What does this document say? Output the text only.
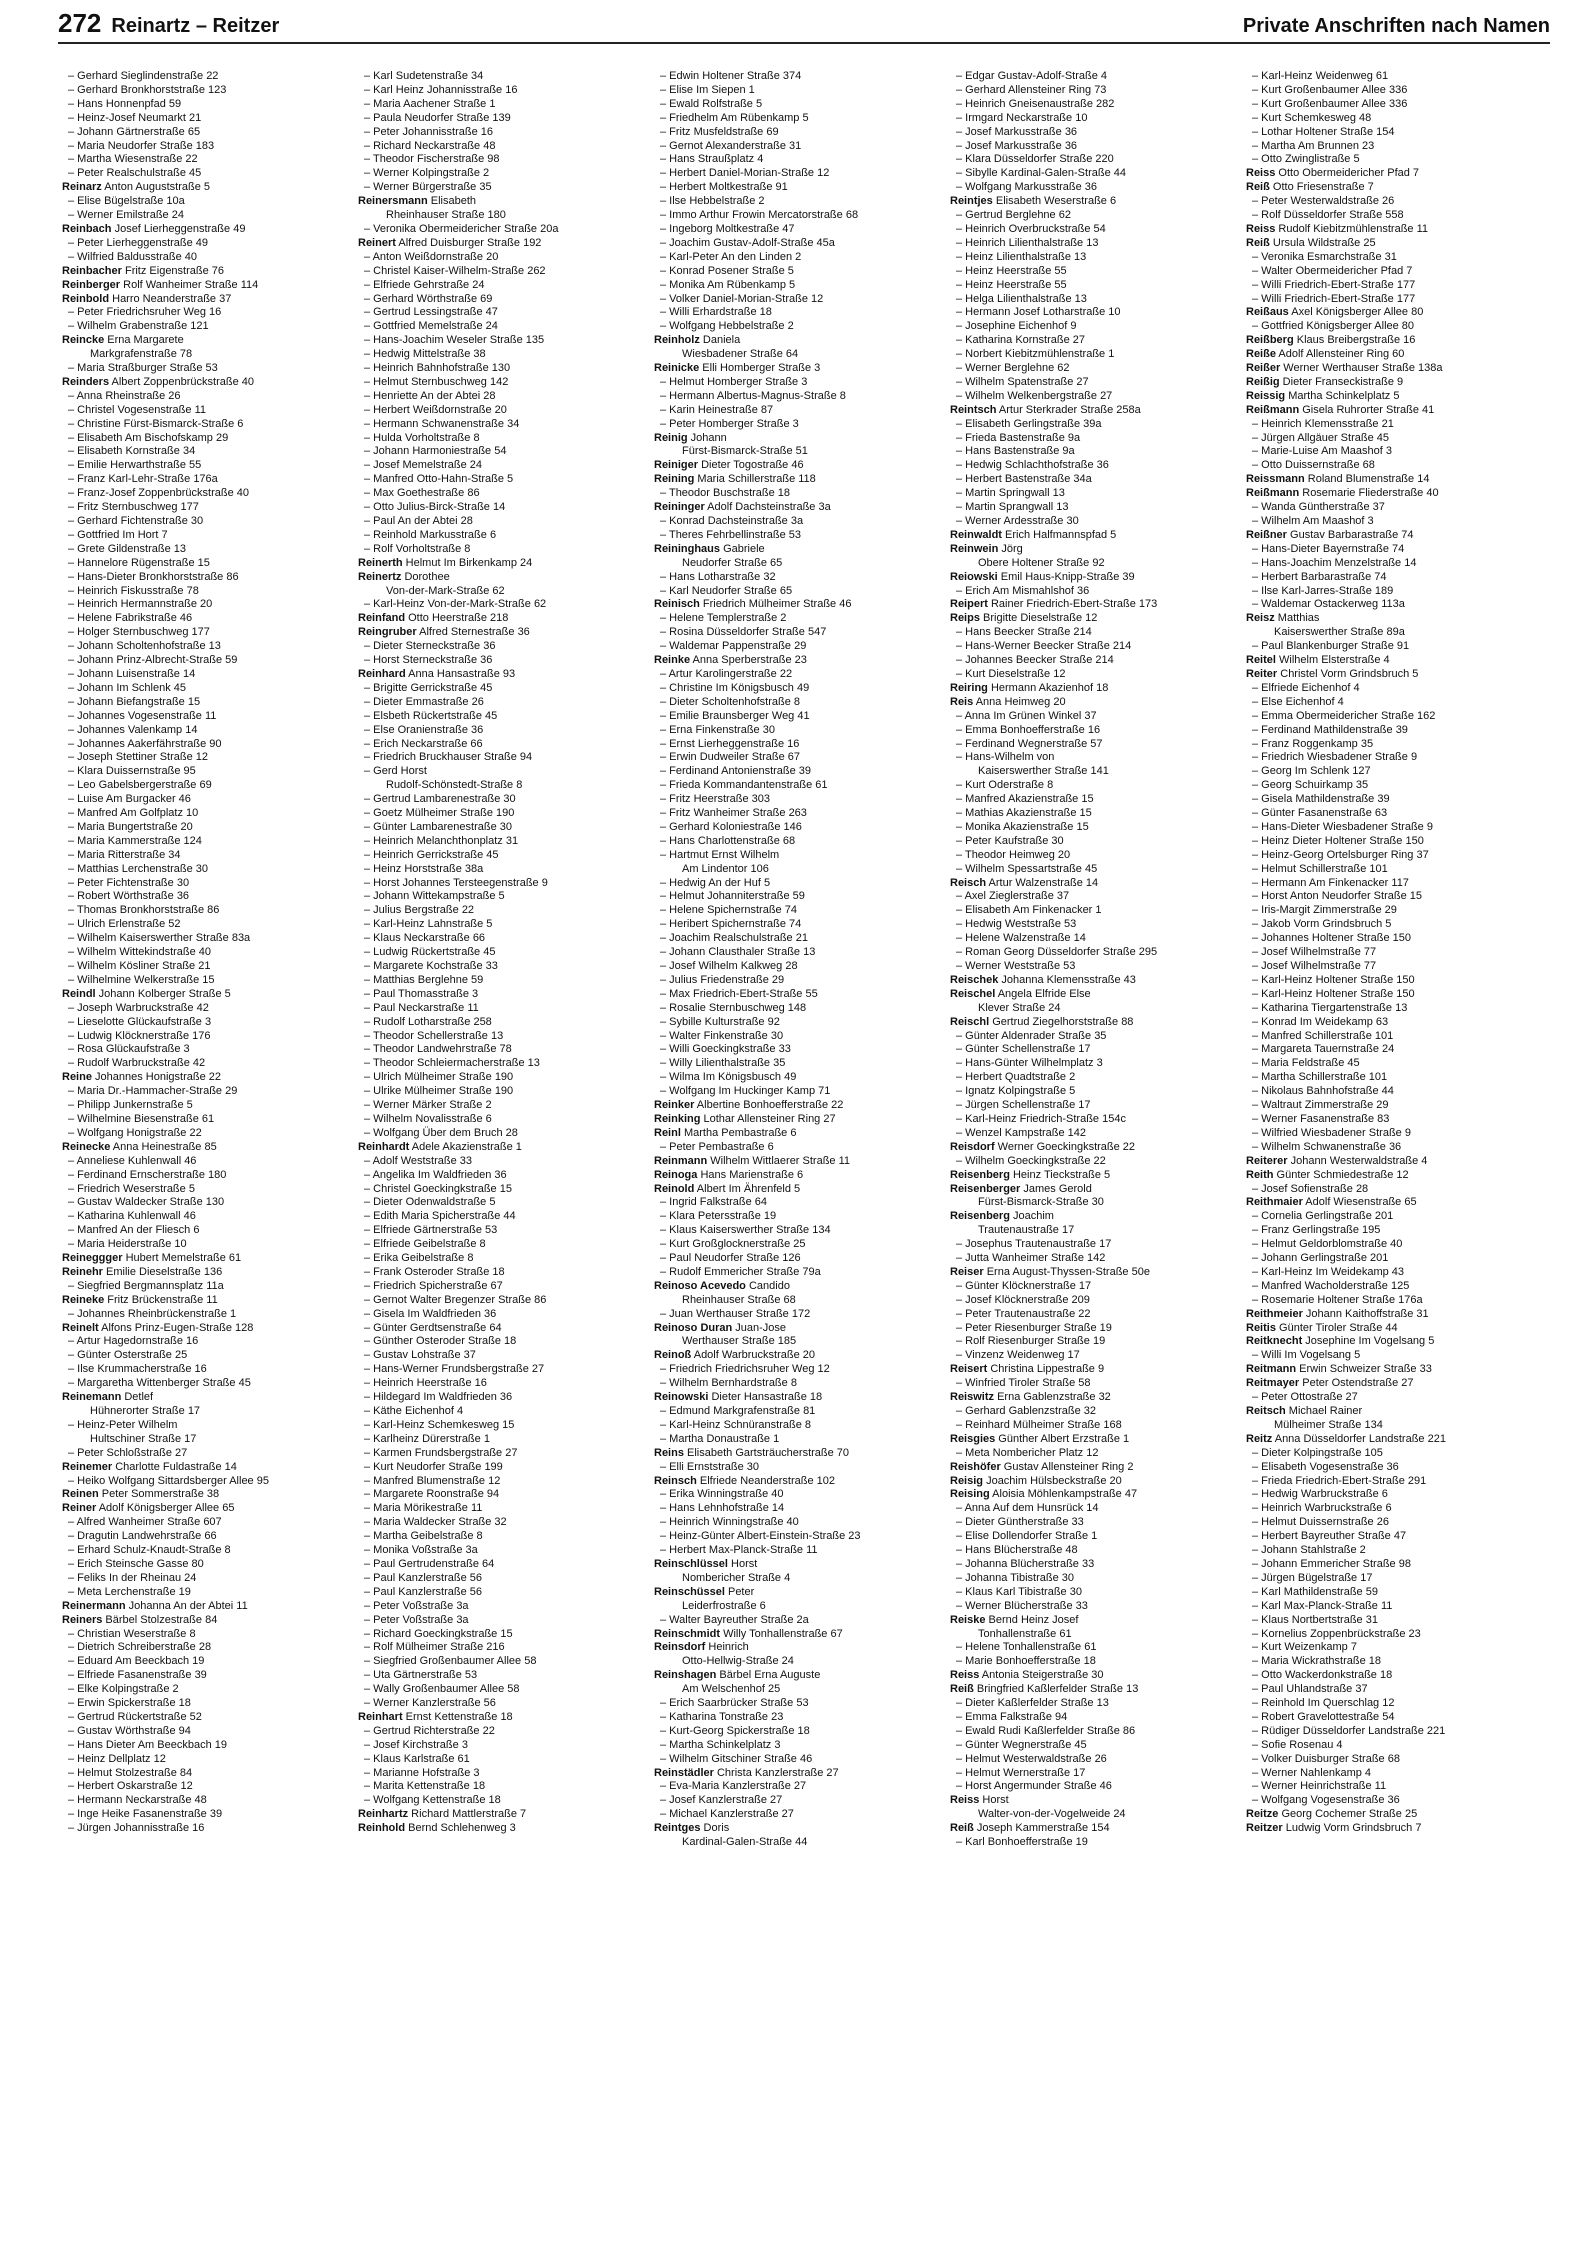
272 Reinartz – Reitzer	Private Anschriften nach Namen
– Gerhard Sieglindenstraße 22
– Gerhard Bronkhorststraße 123
– Hans Honnenpfad 59
– Heinz-Josef Neumarkt 21
– Johann Gärtnerstraße 65
– Maria Neudorfer Straße 183
– Martha Wiesenstraße 22
– Peter Realschulstraße 45
Reinarz Anton Auguststraße 5
– Elise Bügelstraße 10a
– Werner Emilstraße 24
Reinbach Josef Lierheggenstraße 49
– Peter Lierheggenstraße 49
– Wilfried Baldusstraße 40
Reinbacher Fritz Eigenstraße 76
Reinberger Rolf Wanheimer Straße 114
Reinbold Harro Neanderstraße 37
– Peter Friedrichsruher Weg 16
– Wilhelm Grabenstraße 121
Reincke Erna Margarete
Markgrafenstraße 78
– Maria Straßburger Straße 53
Reinders Albert Zoppenbrückstraße 40
– Anna Rheinstraße 26
– Christel Vogesenstraße 11
– Christine Fürst-Bismarck-Straße 6
– Elisabeth Am Bischofskamp 29
– Elisabeth Kornstraße 34
– Emilie Herwarthstraße 55
– Franz Karl-Lehr-Straße 176a
– Franz-Josef Zoppenbrückstraße 40
– Fritz Sternbuschweg 177
– Gerhard Fichtenstraße 30
– Gottfried Im Hort 7
– Grete Gildenstraße 13
– Hannelore Rügenstraße 15
– Hans-Dieter Bronkhorststraße 86
– Heinrich Fiskusstraße 78
– Heinrich Hermannstraße 20
– Helene Fabrikstraße 46
– Holger Sternbuschweg 177
– Johann Scholtenhofstraße 13
– Johann Prinz-Albrecht-Straße 59
– Johann Luisenstraße 14
– Johann Im Schlenk 45
– Johann Biefangstraße 15
– Johannes Vogesenstraße 11
– Johannes Valenkamp 14
– Johannes Aakerfährstraße 90
– Joseph Stettiner Straße 12
– Klara Duissernstraße 95
– Leo Gabelsbergerstraße 69
– Luise Am Burgacker 46
– Manfred Am Golfplatz 10
– Maria Bungertstraße 20
– Maria Kammerstraße 124
– Maria Ritterstraße 34
– Matthias Lerchenstraße 30
– Peter Fichtenstraße 30
– Robert Wörthstraße 36
– Thomas Bronkhorststraße 86
– Ulrich Erlenstraße 52
– Wilhelm Kaiserswerther Straße 83a
– Wilhelm Wittekindstraße 40
– Wilhelm Kösliner Straße 21
– Wilhelmine Welkerstraße 15
Reindl Johann Kolberger Straße 5
– Joseph Warbruckstraße 42
– Lieselotte Glückaufstraße 3
– Ludwig Klöcknerstraße 176
– Rosa Glückaufstraße 3
– Rudolf Warbruckstraße 42
Reine Johannes Honigstraße 22
– Maria Dr.-Hammacher-Straße 29
– Philipp Junkernstraße 5
– Wilhelmine Biesenstraße 61
– Wolfgang Honigstraße 22
Reinecke Anna Heinestraße 85
– Anneliese Kuhlenwall 46
– Ferdinand Ernscherstraße 180
– Friedrich Weserstraße 5
– Gustav Waldecker Straße 130
– Katharina Kuhlenwall 46
– Manfred An der Fliesch 6
– Maria Heiderstraße 10
Reineggger Hubert Memelstraße 61
Reinehr Emilie Dieselstraße 136
– Siegfried Bergmannsplatz 11a
Reineke Fritz Brückenstraße 11
– Johannes Rheinbrückenstraße 1
Reinelt Alfons Prinz-Eugen-Straße 128
– Artur Hagedornstraße 16
– Günter Osterstraße 25
– Ilse Krummacherstraße 16
– Margaretha Wittenberger Straße 45
Reinemann Detlef
Hühnerorter Straße 17
– Heinz-Peter Wilhelm
Hultschiner Straße 17
– Peter Schloßstraße 27
Reinemer Charlotte Fuldastraße 14
– Heiko Wolfgang Sittardsberger Allee 95
Reinen Peter Sommerstraße 38
Reiner Adolf Königsberger Allee 65
– Alfred Wanheimer Straße 607
– Dragutin Landwehrstraße 66
– Erhard Schulz-Knaudt-Straße 8
– Erich Steinsche Gasse 80
– Feliks In der Rheinau 24
– Meta Lerchenstraße 19
Reinermann Johanna An der Abtei 11
Reiners Bärbel Stolzestraße 84
– Christian Weserstraße 8
– Dietrich Schreiberstraße 28
– Eduard Am Beeckbach 19
– Elfriede Fasanenstraße 39
– Elke Kolpingstraße 2
– Erwin Spickerstraße 18
– Gertrud Rückertstraße 52
– Gustav Wörthstraße 94
– Hans Dieter Am Beeckbach 19
– Heinz Dellplatz 12
– Helmut Stolzestraße 84
– Herbert Oskarstraße 12
– Hermann Neckarstraße 48
– Inge Heike Fasanenstraße 39
– Jürgen Johannisstraße 16
– Karl Sudetenstraße 34
– Karl Heinz Johannisstraße 16
– Maria Aachener Straße 1
– Paula Neudorfer Straße 139
– Peter Johannisstraße 16
– Richard Neckarstraße 48
– Theodor Fischerstraße 98
– Werner Kolpingstraße 2
– Werner Bürgerstraße 35
Reinersmann Elisabeth
Rheinhauser Straße 180
– Veronika Obermeidericher Straße 20a
Reinert Alfred Duisburger Straße 192
– Anton Weißdornstraße 20
– Christel Kaiser-Wilhelm-Straße 262
– Elfriede Gehrstraße 24
– Gerhard Wörthstraße 69
– Gertrud Lessingstraße 47
– Gottfried Memelstraße 24
– Hans-Joachim Weseler Straße 135
– Hedwig Mittelstraße 38
– Heinrich Bahnhofstraße 130
– Helmut Sternbuschweg 142
– Henriette An der Abtei 28
– Herbert Weißdornstraße 20
– Hermann Schwanenstraße 34
– Hulda Vorholtstraße 8
– Johann Harmoniestraße 54
– Josef Memelstraße 24
– Manfred Otto-Hahn-Straße 5
– Max Goethestraße 86
– Otto Julius-Birck-Straße 14
– Paul An der Abtei 28
– Reinhold Markusstraße 6
– Rolf Vorholtstraße 8
Reinerth Helmut Im Birkenkamp 24
Reinertz Dorothee
Von-der-Mark-Straße 62
– Karl-Heinz Von-der-Mark-Straße 62
Reinfand Otto Heerstraße 218
Reingruber Alfred Sternestraße 36
– Dieter Sterneckstraße 36
– Horst Sterneckstraße 36
Reinhard Anna Hansastraße 93
– Brigitte Gerrickstraße 45
– Dieter Emmastraße 26
– Elsbeth Rückertstraße 45
– Else Oranienstraße 36
– Erich Neckarstraße 66
– Friedrich Bruckhauser Straße 94
– Gerd Horst
Rudolf-Schönstedt-Straße 8
– Gertrud Lambarenestraße 30
– Goetz Mülheimer Straße 190
– Günter Lambarenestraße 30
– Heinrich Melanchthonplatz 31
– Heinrich Gerrickstraße 45
– Heinz Horststraße 38a
– Horst Johannes Tersteegenstraße 9
– Johann Wittekampstraße 5
– Julius Bergstraße 22
– Karl-Heinz Lahnstraße 5
– Klaus Neckarstraße 66
– Ludwig Rückertstraße 45
– Margarete Kochstraße 33
– Matthias Berglehne 59
– Paul Thomasstraße 3
– Paul Neckarstraße 11
– Rudolf Lotharstraße 258
– Theodor Schellerstraße 13
– Theodor Landwehrstraße 78
– Theodor Schleiermacherstraße 13
– Ulrich Mülheimer Straße 190
– Ulrike Mülheimer Straße 190
– Werner Märker Straße 2
– Wilhelm Novalisstraße 6
– Wolfgang Über dem Bruch 28
Reinhardt Adele Akazienstraße 1
– Adolf Weststraße 33
– Angelika Im Waldfrieden 36
– Christel Goeckingkstraße 15
– Dieter Odenwaldstraße 5
– Edith Maria Spicherstraße 44
– Elfriede Gärtnerstraße 53
– Elfriede Geibelstraße 8
– Erika Geibelstraße 8
– Frank Osteroder Straße 18
– Friedrich Spicherstraße 67
– Gernot Walter Bregenzer Straße 86
– Gisela Im Waldfrieden 36
– Günter Gerdtsenstraße 64
– Günther Osteroder Straße 18
– Gustav Lohstraße 37
– Hans-Werner Frundsbergstraße 27
– Heinrich Heerstraße 16
– Hildegard Im Waldfrieden 36
– Käthe Eichenhof 4
– Karl-Heinz Schemkesweg 15
– Karlheinz Dürerstraße 1
– Karmen Frundsbergstraße 27
– Kurt Neudorfer Straße 199
– Manfred Blumenstraße 12
– Margarete Roonstraße 94
– Maria Mörikestraße 11
– Maria Waldecker Straße 32
– Martha Geibelstraße 8
– Monika Voßstraße 3a
– Paul Gertrudenstraße 64
– Paul Kanzlerstraße 56
– Paul Kanzlerstraße 56
– Peter Voßstraße 3a
– Peter Voßstraße 3a
– Richard Goeckingkstraße 15
– Rolf Mülheimer Straße 216
– Siegfried Großenbaumer Allee 58
– Uta Gärtnerstraße 53
– Wally Großenbaumer Allee 58
– Werner Kanzlerstraße 56
Reinhart Ernst Kettenstraße 18
– Gertrud Richterstraße 22
– Josef Kirchstraße 3
– Klaus Karlstraße 61
– Marianne Hofstraße 3
– Marita Kettenstraße 18
– Wolfgang Kettenstraße 18
Reinhartz Richard Mattlerstraße 7
Reinhold Bernd Schlehenweg 3
– Edwin Holtener Straße 374
– Elise Im Siepen 1
– Ewald Rolfstraße 5
– Friedhelm Am Rübenkamp 5
– Fritz Musfeldstraße 69
– Gernot Alexanderstraße 31
– Hans Straußplatz 4
– Herbert Daniel-Morian-Straße 12
– Herbert Moltkestraße 91
– Ilse Hebbelstraße 2
– Immo Arthur Frowin Mercatorstraße 68
– Ingeborg Moltkestraße 47
– Joachim Gustav-Adolf-Straße 45a
– Karl-Peter An den Linden 2
– Konrad Posener Straße 5
– Monika Am Rübenkamp 5
– Volker Daniel-Morian-Straße 12
– Willi Erhardstraße 18
– Wolfgang Hebbelstraße 2
Reinholz Daniela
Wiesbadener Straße 64
Reinicke Elli Homberger Straße 3
– Helmut Homberger Straße 3
– Hermann Albertus-Magnus-Straße 8
– Karin Heinestraße 87
– Peter Homberger Straße 3
Reinig Johann
Fürst-Bismarck-Straße 51
Reiniger Dieter Togostraße 46
Reining Maria Schillerstraße 118
– Theodor Buschstraße 18
Reininger Adolf Dachsteinstraße 3a
– Konrad Dachsteinstraße 3a
– Theres Fehrbellinstraße 53
Reininghaus Gabriele
Neudorfer Straße 65
– Hans Lotharstraße 32
– Karl Neudorfer Straße 65
Reinisch Friedrich Mülheimer Straße 46
– Helene Templerstraße 2
– Rosina Düsseldorfer Straße 547
– Waldemar Pappenstraße 29
Reinke Anna Sperberstraße 23
– Artur Karolingerstraße 22
– Christine Im Königsbusch 49
– Dieter Scholtenhofstraße 8
– Emilie Braunsberger Weg 41
– Erna Finkenstraße 30
– Ernst Lierheggenstraße 16
– Erwin Dudweiler Straße 67
– Ferdinand Antonienstraße 39
– Frieda Kommandantenstraße 61
– Fritz Heerstraße 303
– Fritz Wanheimer Straße 263
– Gerhard Koloniestraße 146
– Hans Charlottenstraße 68
– Hartmut Ernst Wilhelm
Am Lindentor 106
– Hedwig An der Huf 5
– Helmut Johanniterstraße 59
– Helene Spichernstraße 74
– Heribert Spichernstraße 74
– Joachim Realschulstraße 21
– Johann Clausthaler Straße 13
– Josef Wilhelm Kalkweg 28
– Julius Friedenstraße 29
– Max Friedrich-Ebert-Straße 55
– Rosalie Sternbuschweg 148
– Sybille Kulturstraße 92
– Walter Finkenstraße 30
– Willi Goeckingkstraße 33
– Willy Lilienthalstraße 35
– Wilma Im Königsbusch 49
– Wolfgang Im Huckinger Kamp 71
Reinker Albertine Bonhoefferstraße 22
Reinking Lothar Allensteiner Ring 27
Reinl Martha Pembastraße 6
– Peter Pembastraße 6
Reinmann Wilhelm Wittlaerer Straße 11
Reinoga Hans Marienstraße 6
Reinold Albert Im Ährenfeld 5
– Ingrid Falkstraße 64
– Klara Petersstraße 19
– Klaus Kaiserswerther Straße 134
– Kurt Großglocknerstraße 25
– Paul Neudorfer Straße 126
– Rudolf Emmericher Straße 79a
Reinoso Acevedo Candido
Rheinhauser Straße 68
– Juan Werthauser Straße 172
Reinoso Duran Juan-Jose
Werthauser Straße 185
Reinoß Adolf Warbruckstraße 20
– Friedrich Friedrichsruher Weg 12
– Wilhelm Bernhardstraße 8
Reinowski Dieter Hansastraße 18
– Edmund Markgrafenstraße 81
– Karl-Heinz Schnüranstraße 8
– Martha Donaustraße 1
Reins Elisabeth Gartsträucherstraße 70
– Elli Ernststraße 30
Reinsch Elfriede Neanderstraße 102
– Erika Winningstraße 40
– Hans Lehnhofstraße 14
– Heinrich Winningstraße 40
– Heinz-Günter Albert-Einstein-Straße 23
– Herbert Max-Planck-Straße 11
Reinschlüssel Horst
Nombericher Straße 4
Reinschüssel Peter
Leiderfrostraße 6
– Walter Bayreuther Straße 2a
Reinschmidt Willy Tonhallenstraße 67
Reinsdorf Heinrich
Otto-Hellwig-Straße 24
Reinshagen Bärbel Erna Auguste
Am Welschenhof 25
– Erich Saarbrücker Straße 53
– Katharina Tonstraße 23
– Kurt-Georg Spickerstraße 18
– Martha Schinkelplatz 3
– Wilhelm Gitschiner Straße 46
Reinstädler Christa Kanzlerstraße 27
– Eva-Maria Kanzlerstraße 27
– Josef Kanzlerstraße 27
– Michael Kanzlerstraße 27
Reintges Doris
Kardinal-Galen-Straße 44
– Edgar Gustav-Adolf-Straße 4
– Gerhard Allensteiner Ring 73
– Heinrich Gneisenaustraße 282
– Irmgard Neckarstraße 10
– Josef Markusstraße 36
– Josef Markusstraße 36
– Klara Düsseldorfer Straße 220
– Sibylle Kardinal-Galen-Straße 44
– Wolfgang Markusstraße 36
Reintjes Elisabeth Weserstraße 6
– Gertrud Berglehne 62
– Heinrich Overbruckstraße 54
– Heinrich Lilienthalstraße 13
– Heinz Lilienthalstraße 13
– Heinz Heerstraße 55
– Heinz Heerstraße 55
– Helga Lilienthalstraße 13
– Hermann Josef Lotharstraße 10
– Josephine Eichenhof 9
– Katharina Kornstraße 27
– Norbert Kiebitzmühlenstraße 1
– Werner Berglehne 62
– Wilhelm Spatenstraße 27
– Wilhelm Welkenbergstraße 27
Reintsch Artur Sterkrader Straße 258a
– Elisabeth Gerlingstraße 39a
– Frieda Bastenstraße 9a
– Hans Bastenstraße 9a
– Hedwig Schlachthofstraße 36
– Herbert Bastenstraße 34a
– Martin Springwall 13
– Martin Sprangwall 13
– Werner Ardesstraße 30
Reinwaldt Erich Halfmannspfad 5
Reinwein Jörg
Obere Holtener Straße 92
Reiowski Emil Haus-Knipp-Straße 39
– Erich Am Mismahlshof 36
Reipert Rainer Friedrich-Ebert-Straße 173
Reips Brigitte Dieselstraße 12
– Hans Beecker Straße 214
– Hans-Werner Beecker Straße 214
– Johannes Beecker Straße 214
– Kurt Dieselstraße 12
Reiring Hermann Akazienhof 18
Reis Anna Heimweg 20
– Anna Im Grünen Winkel 37
– Emma Bonhoefferstraße 16
– Ferdinand Wegnerstraße 57
– Hans-Wilhelm von
Kaiserswerther Straße 141
– Kurt Oderstraße 8
– Manfred Akazienstraße 15
– Mathias Akazienstraße 15
– Monika Akazienstraße 15
– Peter Kaufstraße 30
– Theodor Heimweg 20
– Wilhelm Spessartstraße 45
Reisch Artur Walzenstraße 14
– Axel Zieglerstraße 37
– Elisabeth Am Finkenacker 1
– Hedwig Weststraße 53
– Helene Walzenstraße 14
– Roman Georg Düsseldorfer Straße 295
– Werner Weststraße 53
Reischek Johanna Klemensstraße 43
Reischel Angela Elfride Else
Klever Straße 24
Reischl Gertrud Ziegelhorststraße 88
– Günter Aldenrader Straße 35
– Günter Schellenstraße 17
– Hans-Günter Wilhelmplatz 3
– Herbert Quadtstraße 2
– Ignatz Kolpingstraße 5
– Jürgen Schellenstraße 17
– Karl-Heinz Friedrich-Straße 154c
– Wenzel Kampstraße 142
Reisdorf Werner Goeckingkstraße 22
– Wilhelm Goeckingkstraße 22
Reisenberg Heinz Tieckstraße 5
Reisenberger James Gerold
Fürst-Bismarck-Straße 30
Reisenberg Joachim
Trautenaustraße 17
– Josephus Trautenaustraße 17
– Jutta Wanheimer Straße 142
Reiser Erna August-Thyssen-Straße 50e
– Günter Klöcknerstraße 17
– Josef Klöcknerstraße 209
– Peter Trautenaustraße 22
– Peter Riesenburger Straße 19
– Rolf Riesenburger Straße 19
– Vinzenz Weidenweg 17
Reisert Christina Lippestraße 9
– Winfried Tiroler Straße 58
Reiswitz Erna Gablenzstraße 32
– Gerhard Gablenzstraße 32
– Reinhard Mülheimer Straße 168
Reisgies Günther Albert Erzstraße 1
– Meta Nombericher Platz 12
Reishöfer Gustav Allensteiner Ring 2
Reisig Joachim Hülsbeckstraße 20
Reising Aloisia Möhlenkampstraße 47
– Anna Auf dem Hunsrück 14
– Dieter Güntherstraße 33
– Elise Dollendorfer Straße 1
– Hans Blücherstraße 48
– Johanna Blücherstraße 33
– Johanna Tibistraße 30
– Klaus Karl Tibistraße 30
– Werner Blücherstraße 33
Reiske Bernd Heinz Josef
Tonhallenstraße 61
– Helene Tonhallenstraße 61
– Marie Bonhoefferstraße 18
Reiss Antonia Steigerstraße 30
Reiß Bringfried Kaßlerfelder Straße 13
– Dieter Kaßlerfelder Straße 13
– Emma Falkstraße 94
– Ewald Rudi Kaßlerfelder Straße 86
– Günter Wegnerstraße 45
– Helmut Westerwaldstraße 26
– Helmut Wernerstraße 17
– Horst Angermunder Straße 46
Reiss Horst
Walter-von-der-Vogelweide 24
Reiß Joseph Kammerstraße 154
– Karl Bonhoefferstraße 19
– Karl-Heinz Weidenweg 61
– Kurt Großenbaumer Allee 336
– Kurt Großenbaumer Allee 336
– Kurt Schemkesweg 48
– Lothar Holtener Straße 154
– Martha Am Brunnen 23
– Otto Zwinglistraße 5
Reiss Otto Obermeidericher Pfad 7
Reiß Otto Friesenstraße 7
– Peter Westerwaldstraße 26
– Rolf Düsseldorfer Straße 558
Reiss Rudolf Kiebitzmühlenstraße 11
Reiß Ursula Wildstraße 25
– Veronika Esmarchstraße 31
– Walter Obermeidericher Pfad 7
– Willi Friedrich-Ebert-Straße 177
– Willi Friedrich-Ebert-Straße 177
Reißaus Axel Königsberger Allee 80
– Gottfried Königsberger Allee 80
Reißberg Klaus Breibergstraße 16
Reiße Adolf Allensteiner Ring 60
Reißer Werner Werthauser Straße 138a
Reißig Dieter Franseckistraße 9
Reissig Martha Schinkelplatz 5
Reißmann Gisela Ruhrorter Straße 41
– Heinrich Klemensstraße 21
– Jürgen Allgäuer Straße 45
– Marie-Luise Am Maashof 3
– Otto Duissernstraße 68
Reissmann Roland Blumenstraße 14
Reißmann Rosemarie Fliederstraße 40
– Wanda Güntherstraße 37
– Wilhelm Am Maashof 3
Reißner Gustav Barbarastraße 74
– Hans-Dieter Bayernstraße 74
– Hans-Joachim Menzelstraße 14
– Herbert Barbarastraße 74
– Ilse Karl-Jarres-Straße 189
– Waldemar Ostackerweg 113a
Reisz Matthias
Kaiserswerther Straße 89a
– Paul Blankenburger Straße 91
Reitel Wilhelm Elsterstraße 4
Reiter Christel Vorm Grindsbruch 5
– Elfriede Eichenhof 4
– Else Eichenhof 4
– Emma Obermeidericher Straße 162
– Ferdinand Mathildenstraße 39
– Franz Roggenkamp 35
– Friedrich Wiesbadener Straße 9
– Georg Im Schlenk 127
– Georg Schuirkamp 35
– Gisela Mathildenstraße 39
– Günter Fasanenstraße 63
– Hans-Dieter Wiesbadener Straße 9
– Heinz Dieter Holtener Straße 150
– Heinz-Georg Ortelsburger Ring 37
– Helmut Schillerstraße 101
– Hermann Am Finkenacker 117
– Horst Anton Neudorfer Straße 15
– Iris-Margit Zimmerstraße 29
– Jakob Vorm Grindsbruch 5
– Johannes Holtener Straße 150
– Josef Wilhelmstraße 77
– Josef Wilhelmstraße 77
– Karl-Heinz Holtener Straße 150
– Karl-Heinz Holtener Straße 150
– Katharina Tiergartenstraße 13
– Konrad Im Weidekamp 63
– Manfred Schillerstraße 101
– Margareta Tauernstraße 24
– Maria Feldstraße 45
– Martha Schillerstraße 101
– Nikolaus Bahnhofstraße 44
– Waltraut Zimmerstraße 29
– Werner Fasanenstraße 83
– Wilfried Wiesbadener Straße 9
– Wilhelm Schwanenstraße 36
Reiterer Johann Westerwaldstraße 4
Reith Günter Schmiedestraße 12
– Josef Sofienstraße 28
Reithmaier Adolf Wiesenstraße 65
– Cornelia Gerlingstraße 201
– Franz Gerlingstraße 195
– Helmut Geldorblomstraße 40
– Johann Gerlingstraße 201
– Karl-Heinz Im Weidekamp 43
– Manfred Wacholderstraße 125
– Rosemarie Holtener Straße 176a
Reithmeier Johann Kaithoffstraße 31
Reitis Günter Tiroler Straße 44
Reitknecht Josephine Im Vogelsang 5
– Willi Im Vogelsang 5
Reitmann Erwin Schweizer Straße 33
Reitmayer Peter Ostendstraße 27
– Peter Ottostraße 27
Reitsch Michael Rainer
Mülheimer Straße 134
Reitz Anna Düsseldorfer Landstraße 221
– Dieter Kolpingstraße 105
– Elisabeth Vogesenstraße 36
– Frieda Friedrich-Ebert-Straße 291
– Hedwig Warbruckstraße 6
– Heinrich Warbruckstraße 6
– Helmut Duissernstraße 26
– Herbert Bayreuther Straße 47
– Johann Stahlstraße 2
– Johann Emmericher Straße 98
– Jürgen Bügelstraße 17
– Karl Mathildenstraße 59
– Karl Max-Planck-Straße 11
– Klaus Nortbertstraße 31
– Kornelius Zoppenbrückstraße 23
– Kurt Weizenkamp 7
– Maria Wickrathstraße 18
– Otto Wackerdonkstraße 18
– Paul Uhlandstraße 37
– Reinhold Im Querschlag 12
– Robert Gravelottestraße 54
– Rüdiger Düsseldorfer Landstraße 221
– Sofie Rosenau 4
– Volker Duisburger Straße 68
– Werner Nahlenkamp 4
– Werner Heinrichstraße 11
– Wolfgang Vogesenstraße 36
Reitze Georg Cochemer Straße 25
Reitzer Ludwig Vorm Grindsbruch 7
